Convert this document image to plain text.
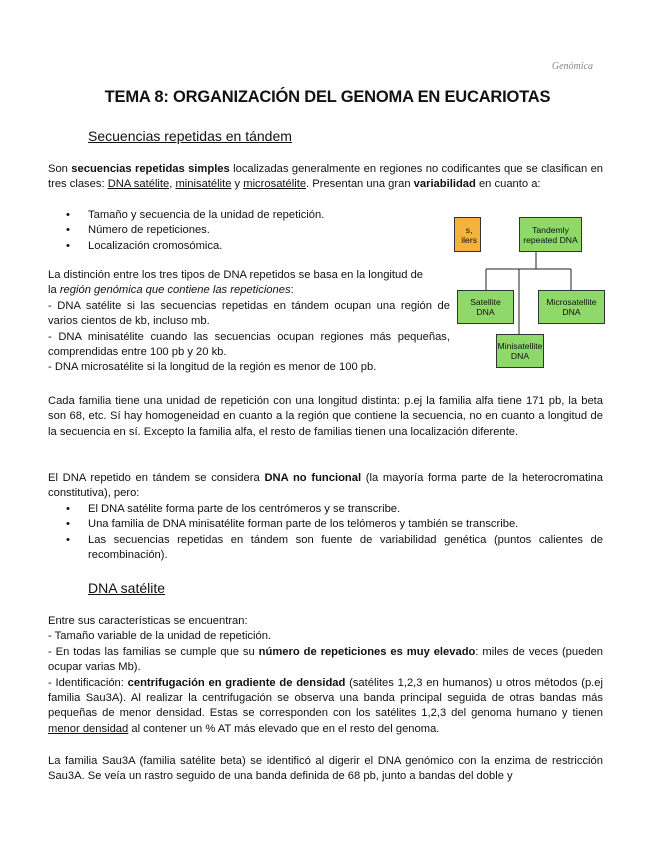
Genómica
TEMA 8: ORGANIZACIÓN DEL GENOMA EN EUCARIOTAS
Secuencias repetidas en tándem
Son secuencias repetidas simples localizadas generalmente en regiones no codificantes que se clasifican en tres clases: DNA satélite, minisatélite y microsatélite. Presentan una gran variabilidad en cuanto a:
• Tamaño y secuencia de la unidad de repetición.
• Número de repeticiones.
• Localización cromosómica.
s,
ilers
Tandemly
repeated DNA
Satellite
DNA
Microsatellite
DNA
Minisatellite
DNA
La distinción entre los tres tipos de DNA repetidos se basa en la longitud de
la región genómica que contiene las repeticiones:
- DNA satélite si las secuencias repetidas en tándem ocupan una región de varios cientos de kb, incluso mb.
- DNA minisatélite cuando las secuencias ocupan regiones más pequeñas, comprendidas entre 100 pb y 20 kb.
- DNA microsatélite si la longitud de la región es menor de 100 pb.
Cada familia tiene una unidad de repetición con una longitud distinta: p.ej la familia alfa tiene 171 pb, la beta son 68, etc. Sí hay homogeneidad en cuanto a la región que contiene la secuencia, no en cuanto a longitud de la secuencia en sí. Excepto la familia alfa, el resto de familias tienen una localización diferente.
El DNA repetido en tándem se considera DNA no funcional (la mayoría forma parte de la heterocromatina constitutiva), pero:
• El DNA satélite forma parte de los centrómeros y se transcribe.
• Una familia de DNA minisatélite forman parte de los telómeros y también se transcribe.
• Las secuencias repetidas en tándem son fuente de variabilidad genética (puntos calientes de recombinación).
DNA satélite
Entre sus características se encuentran:
- Tamaño variable de la unidad de repetición.
- En todas las familias se cumple que su número de repeticiones es muy elevado: miles de veces (pueden ocupar varias Mb).
- Identificación: centrifugación en gradiente de densidad (satélites 1,2,3 en humanos) u otros métodos (p.ej familia Sau3A). Al realizar la centrifugación se observa una banda principal seguida de otras bandas más pequeñas de menor densidad. Estas se corresponden con los satélites 1,2,3 del genoma humano y tienen menor densidad al contener un % AT más elevado que en el resto del genoma.
La familia Sau3A (familia satélite beta) se identificó al digerir el DNA genómico con la enzima de restricción Sau3A. Se veía un rastro seguido de una banda definida de 68 pb, junto a bandas del doble y
